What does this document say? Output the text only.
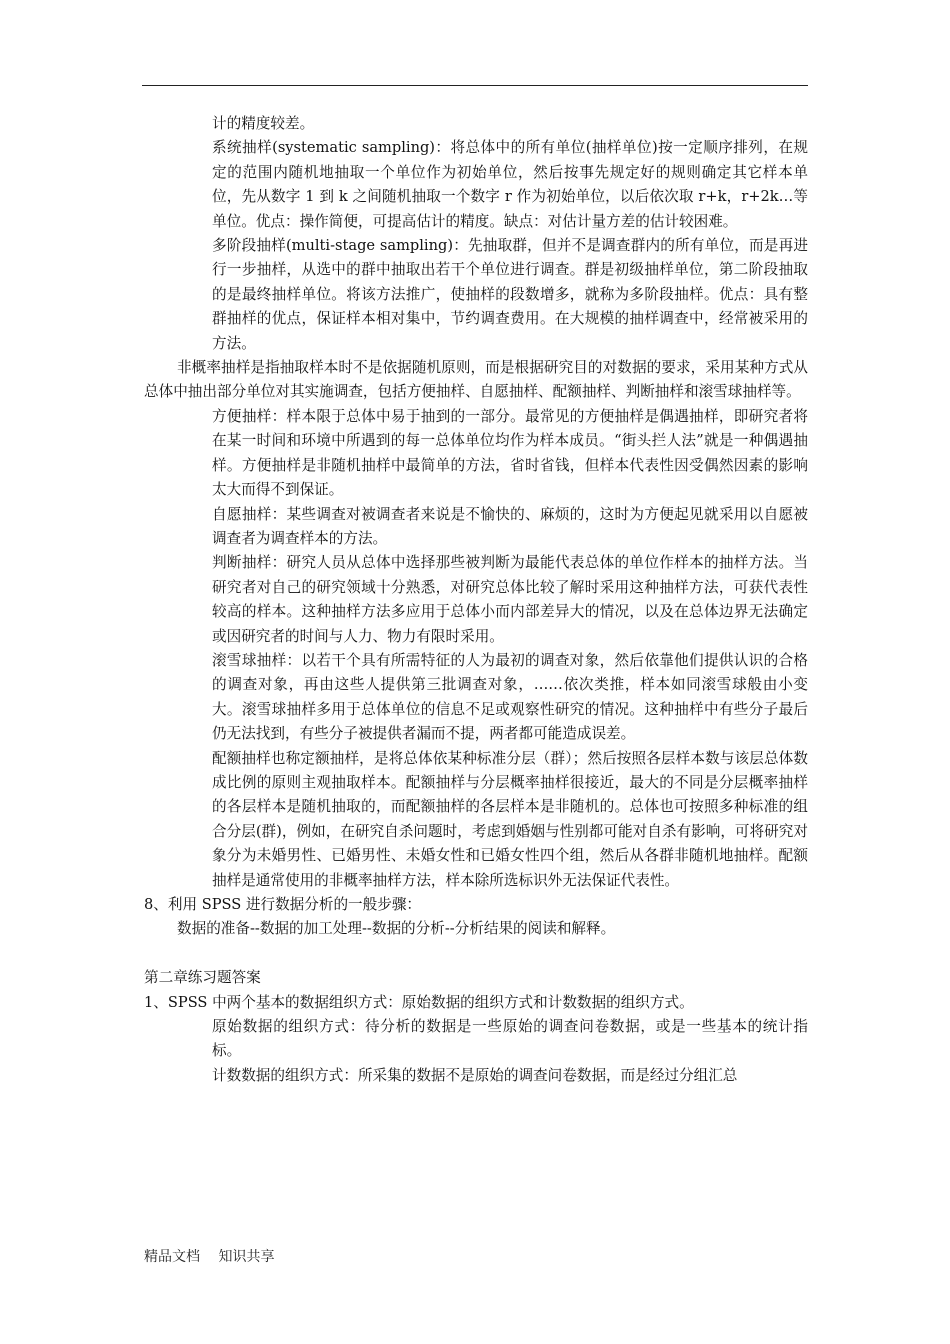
计的精度较差。

系统抽样(systematic sampling)：将总体中的所有单位(抽样单位)按一定顺序排列，在规定的范围内随机地抽取一个单位作为初始单位，然后按事先规定好的规则确定其它样本单位，先从数字 1 到 k 之间随机抽取一个数字 r 作为初始单位，以后依次取 r+k，r+2k…等单位。优点：操作简便，可提高估计的精度。缺点：对估计量方差的估计较困难。

多阶段抽样(multi-stage sampling)：先抽取群，但并不是调查群内的所有单位，而是再进行一步抽样，从选中的群中抽取出若干个单位进行调查。群是初级抽样单位，第二阶段抽取的是最终抽样单位。将该方法推广，使抽样的段数增多，就称为多阶段抽样。优点：具有整群抽样的优点，保证样本相对集中，节约调查费用。在大规模的抽样调查中，经常被采用的方法。

非概率抽样是指抽取样本时不是依据随机原则，而是根据研究目的对数据的要求，采用某种方式从总体中抽出部分单位对其实施调查，包括方便抽样、自愿抽样、配额抽样、判断抽样和滚雪球抽样等。

方便抽样：样本限于总体中易于抽到的一部分。最常见的方便抽样是偶遇抽样，即研究者将在某一时间和环境中所遇到的每一总体单位均作为样本成员。“街头拦人法”就是一种偶遇抽样。方便抽样是非随机抽样中最简单的方法，省时省钱，但样本代表性因受偶然因素的影响太大而得不到保证。

自愿抽样：某些调查对被调查者来说是不愉快的、麻烦的，这时为方便起见就采用以自愿被调查者为调查样本的方法。

判断抽样：研究人员从总体中选择那些被判断为最能代表总体的单位作样本的抽样方法。当研究者对自己的研究领域十分熟悉，对研究总体比较了解时采用这种抽样方法，可获代表性较高的样本。这种抽样方法多应用于总体小而内部差异大的情况，以及在总体边界无法确定或因研究者的时间与人力、物力有限时采用。

滚雪球抽样：以若干个具有所需特征的人为最初的调查对象，然后依靠他们提供认识的合格的调查对象，再由这些人提供第三批调查对象，……依次类推，样本如同滚雪球般由小变大。滚雪球抽样多用于总体单位的信息不足或观察性研究的情况。这种抽样中有些分子最后仍无法找到，有些分子被提供者漏而不提，两者都可能造成误差。

配额抽样也称定额抽样，是将总体依某种标准分层（群）；然后按照各层样本数与该层总体数成比例的原则主观抽取样本。配额抽样与分层概率抽样很接近，最大的不同是分层概率抽样的各层样本是随机抽取的，而配额抽样的各层样本是非随机的。总体也可按照多种标准的组合分层(群)，例如，在研究自杀问题时，考虑到婚姻与性别都可能对自杀有影响，可将研究对象分为未婚男性、已婚男性、未婚女性和已婚女性四个组，然后从各群非随机地抽样。配额抽样是通常使用的非概率抽样方法，样本除所选标识外无法保证代表性。

8、利用 SPSS 进行数据分析的一般步骤：

数据的准备--数据的加工处理--数据的分析--分析结果的阅读和解释。

第二章练习题答案

1、SPSS 中两个基本的数据组织方式：原始数据的组织方式和计数数据的组织方式。

原始数据的组织方式：待分析的数据是一些原始的调查问卷数据，或是一些基本的统计指标。

计数数据的组织方式：所采集的数据不是原始的调查问卷数据，而是经过分组汇总

精品文档 知识共享
